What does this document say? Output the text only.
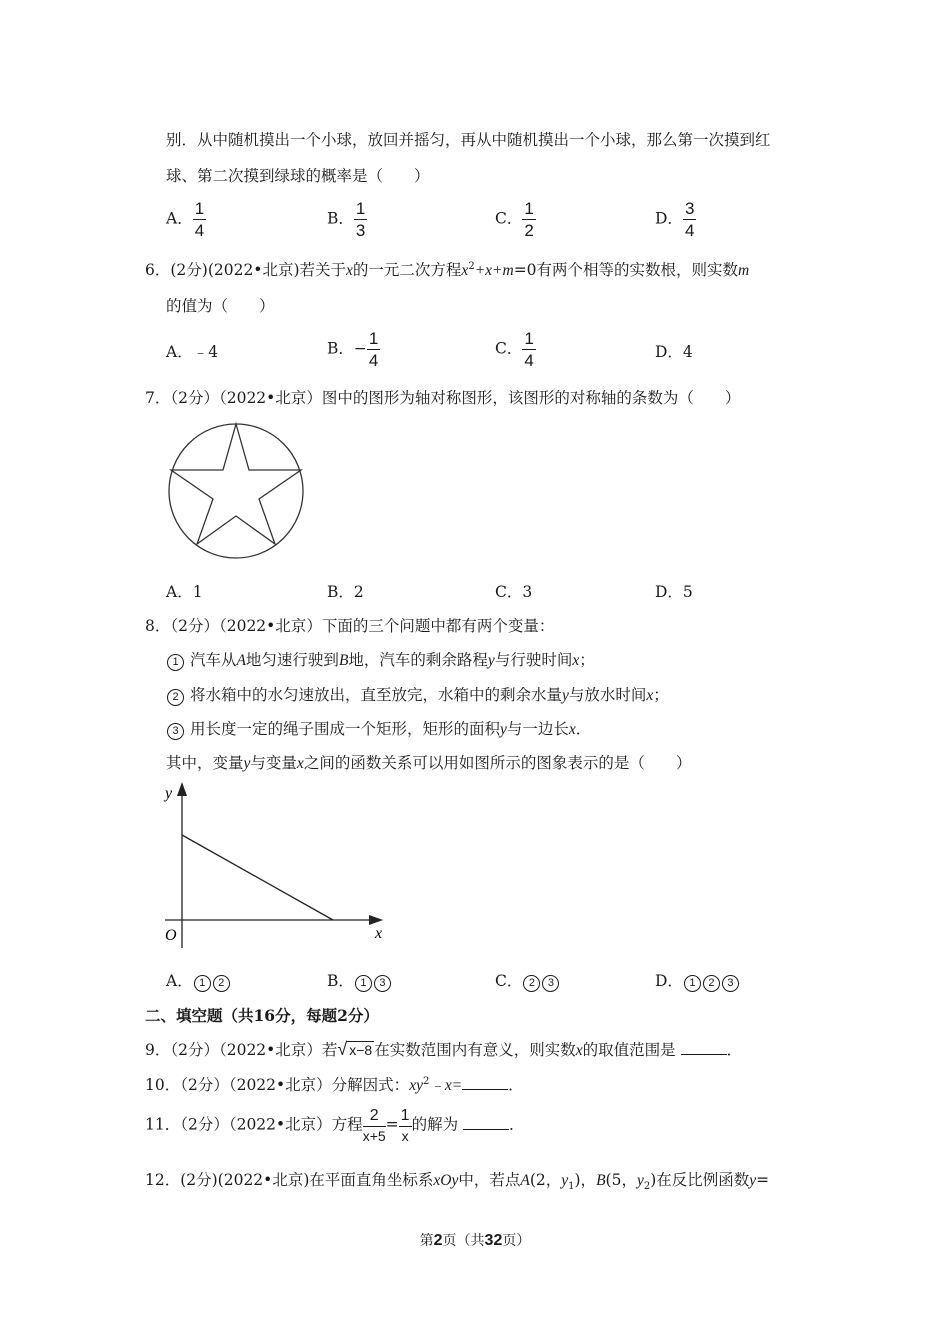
别．从中随机摸出一个小球，放回并摇匀，再从中随机摸出一个小球，那么第一次摸到红
球、第二次摸到绿球的概率是（　　）
A． $\frac{1}{4}$	B． $\frac{1}{3}$	C． $\frac{1}{2}$	D． $\frac{3}{4}$
6．(2分)(2022•北京)若关于x的一元二次方程$x^2+x+m=0$有两个相等的实数根，则实数m
的值为（　　）
A．﹣4	B．− $\frac{1}{4}$	C． $\frac{1}{4}$	D．4
7．（2分）（2022•北京）图中的图形为轴对称图形，该图形的对称轴的条数为（　　）
A．1	B．2	C．3	D．5
8．（2分）（2022•北京）下面的三个问题中都有两个变量：
1 汽车从A地匀速行驶到B地，汽车的剩余路程y与行驶时间x；
2 将水箱中的水匀速放出，直至放完，水箱中的剩余水量y与放水时间x；
3 用长度一定的绳子围成一个矩形，矩形的面积y与一边长x．
其中，变量y与变量x之间的函数关系可以用如图所示的图象表示的是（　　）
y
x
O
A． 1 2	B． 1 3	C． 2 3	D． 1 2 3
二、填空题（共16分，每题2分）
9．（2分）（2022•北京）若√ x−8 在实数范围内有意义，则实数x的取值范围是	．
10．（2分）（2022•北京）分解因式：$xy^2﹣x=$	．
11．（2分）（2022•北京）方程 $\frac{2}{x+5} = \frac{1}{x}$ 的解为	．
12．(2分)(2022•北京)在平面直角坐标系xOy中，若点A(2，$y_1$)，B(5，$y_2$)在反比例函数y=
第2页（共32页）
